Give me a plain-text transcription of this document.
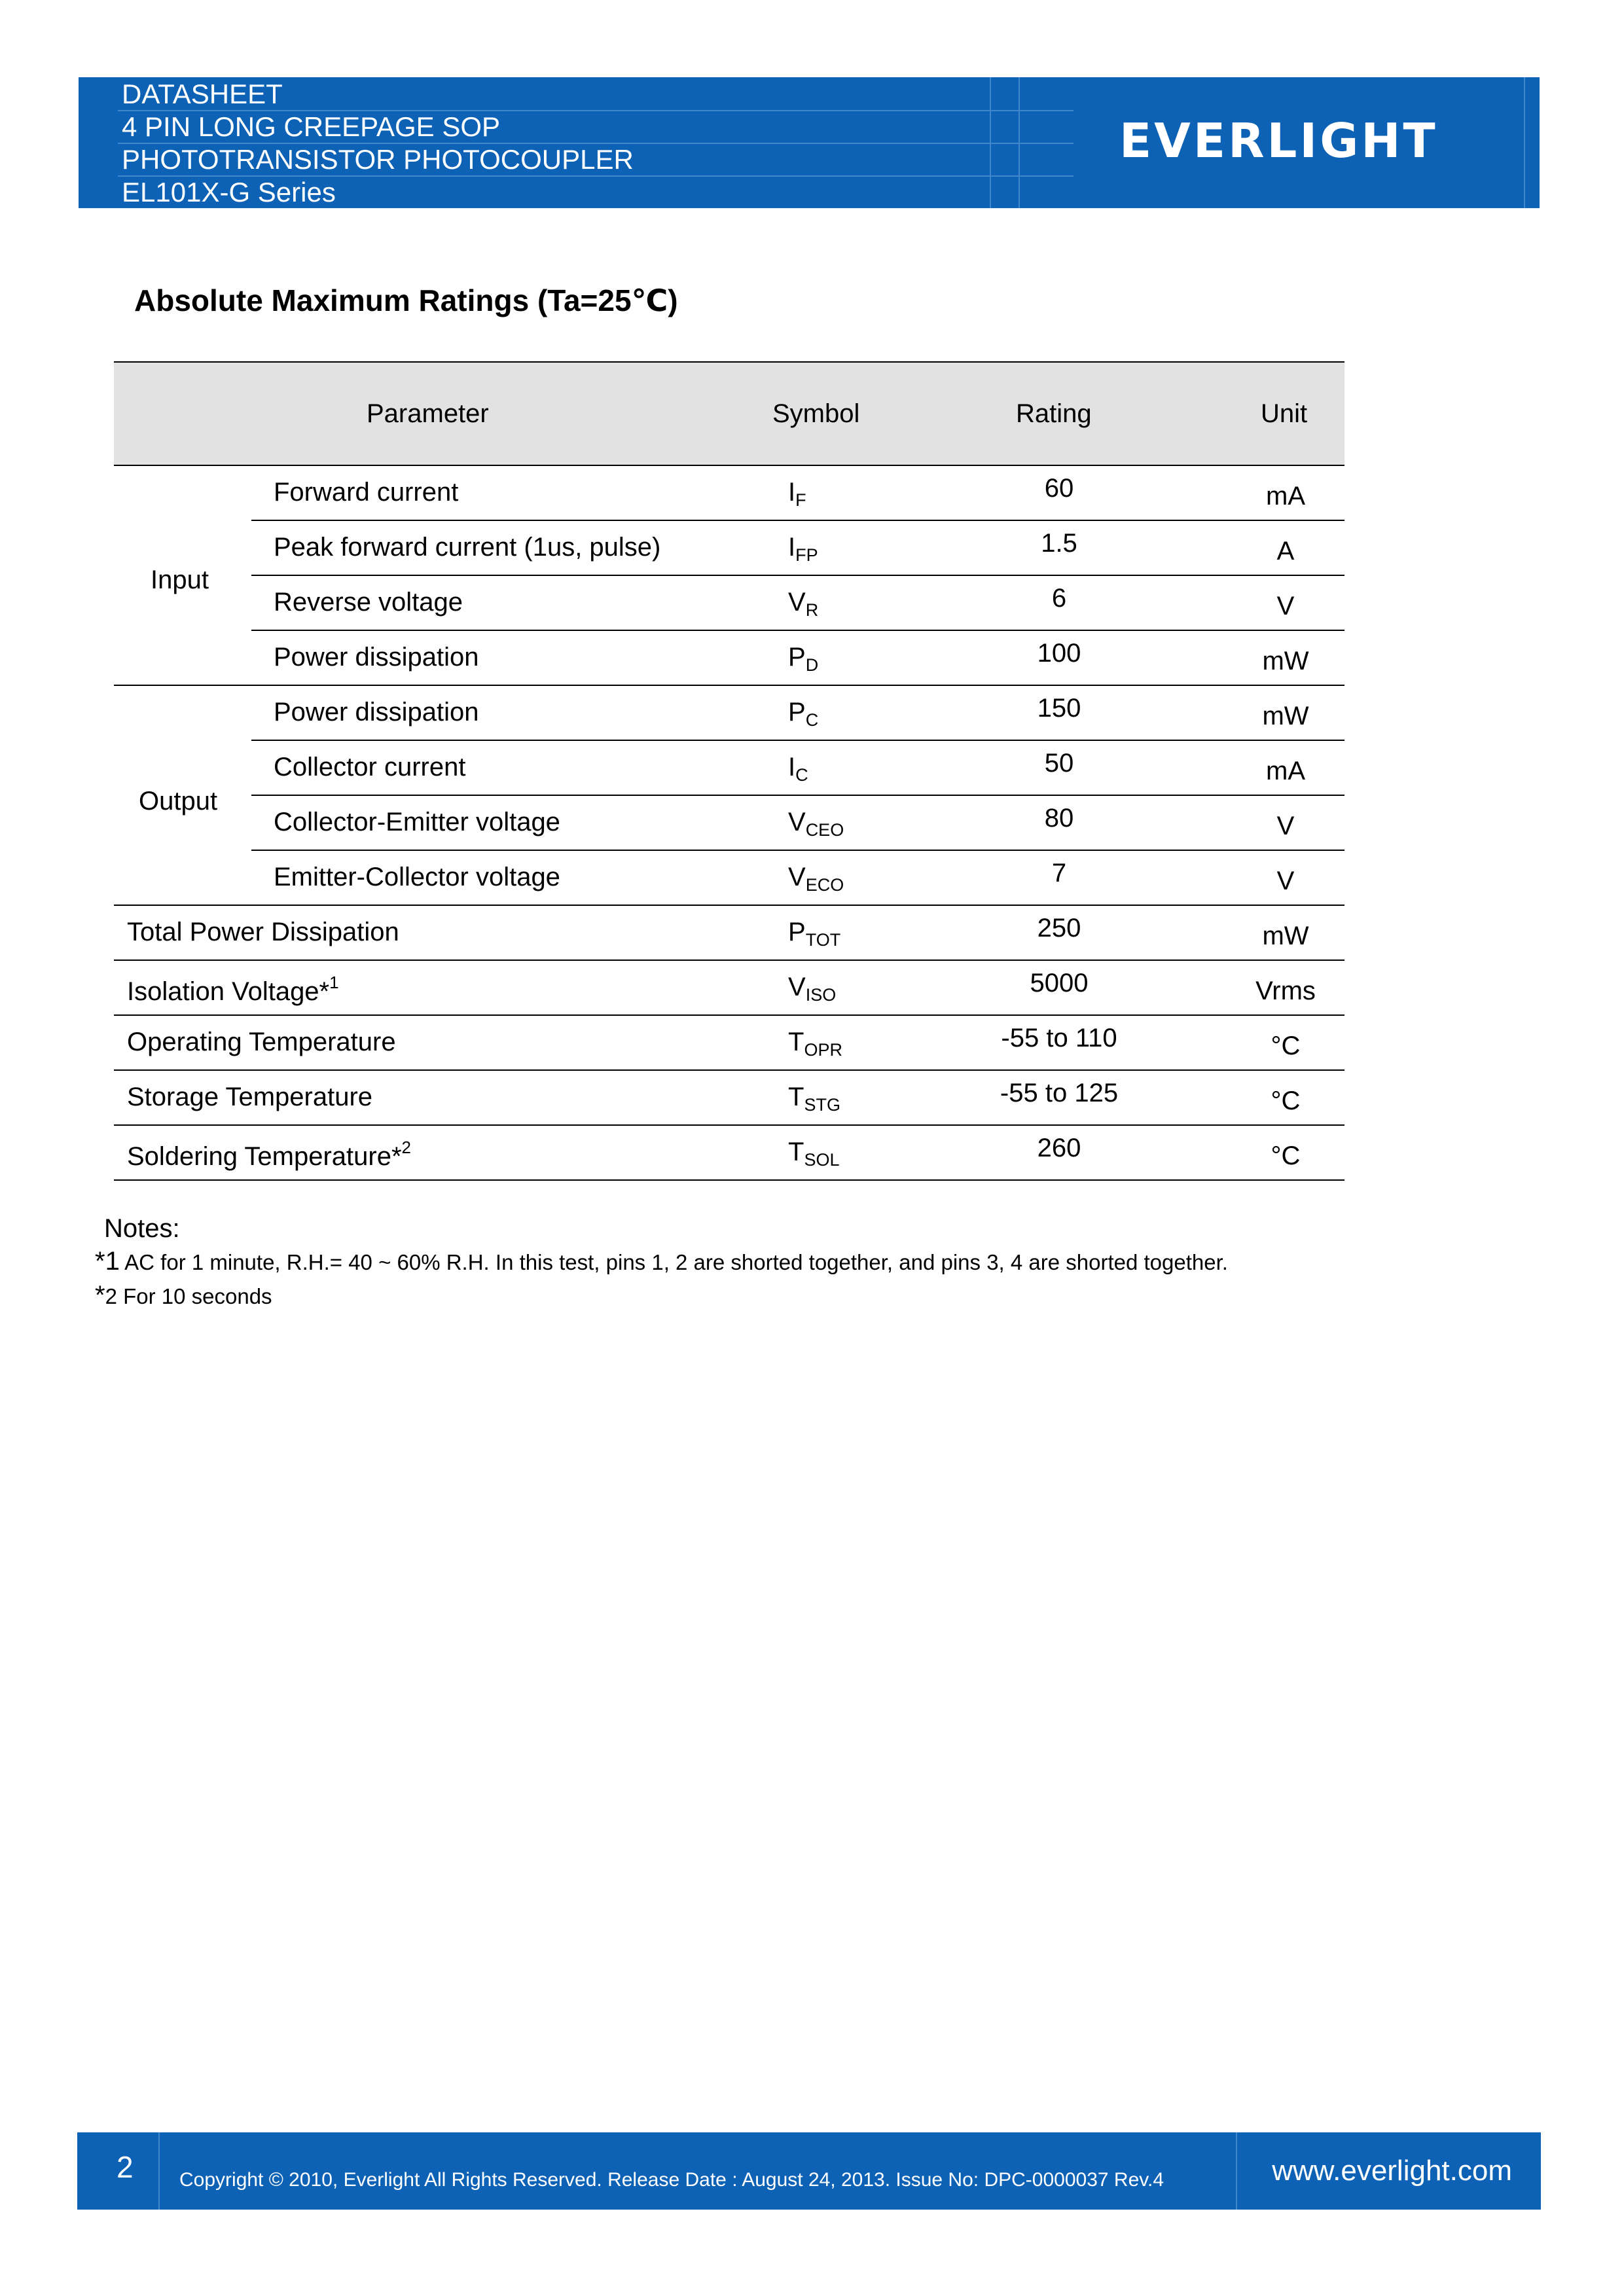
DATASHEET
4 PIN LONG CREEPAGE SOP
PHOTOTRANSISTOR PHOTOCOUPLER
EL101X-G Series
EVERLIGHT
Absolute Maximum Ratings (Ta=25℃)
Parameter	Symbol	Rating	Unit
Input
Output
Forward current	$I_F$	60	mA
Peak forward current (1us, pulse)	$I_{FP}$	1.5	A
Reverse voltage	$V_R$	6	V
Power dissipation	$P_D$	100	mW
Power dissipation	$P_C$	150	mW
Collector current	$I_C$	50	mA
Collector-Emitter voltage	$V_{CEO}$	80	V
Emitter-Collector voltage	$V_{ECO}$	7	V
Total Power Dissipation	$P_{TOT}$	250	mW
Isolation Voltage*$^1$	$V_{ISO}$	5000	Vrms
Operating Temperature	$T_{OPR}$	-55 to 110	°C
Storage Temperature	$T_{STG}$	-55 to 125	°C
Soldering Temperature*$^2$	$T_{SOL}$	260	°C
Notes:
*1 AC for 1 minute, R.H.= 40 ~ 60% R.H. In this test, pins 1, 2 are shorted together, and pins 3, 4 are shorted together.
*2 For 10 seconds
2 Copyright © 2010, Everlight All Rights Reserved. Release Date : August 24, 2013. Issue No: DPC-0000037 Rev.4	www.everlight.com
